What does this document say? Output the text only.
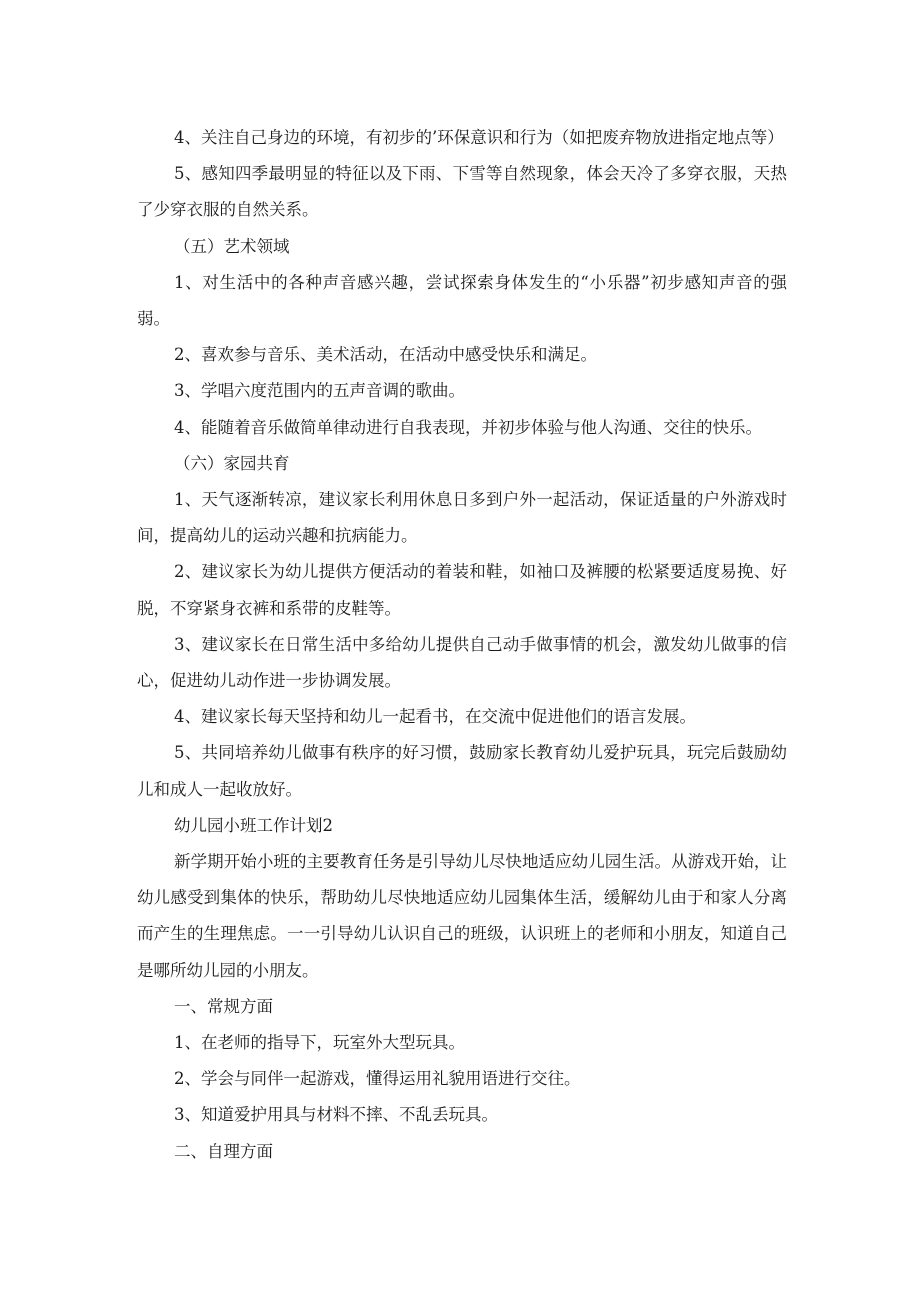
4、关注自己身边的环境，有初步的’环保意识和行为（如把废弃物放进指定地点等）

5、感知四季最明显的特征以及下雨、下雪等自然现象，体会天冷了多穿衣服，天热了少穿衣服的自然关系。

（五）艺术领域

1、对生活中的各种声音感兴趣，尝试探索身体发生的“小乐器”初步感知声音的强弱。

2、喜欢参与音乐、美术活动，在活动中感受快乐和满足。

3、学唱六度范围内的五声音调的歌曲。

4、能随着音乐做简单律动进行自我表现，并初步体验与他人沟通、交往的快乐。

（六）家园共育

1、天气逐渐转凉，建议家长利用休息日多到户外一起活动，保证适量的户外游戏时间，提高幼儿的运动兴趣和抗病能力。

2、建议家长为幼儿提供方便活动的着装和鞋，如袖口及裤腰的松紧要适度易挽、好脱，不穿紧身衣裤和系带的皮鞋等。

3、建议家长在日常生活中多给幼儿提供自己动手做事情的机会，激发幼儿做事的信心，促进幼儿动作进一步协调发展。

4、建议家长每天坚持和幼儿一起看书，在交流中促进他们的语言发展。

5、共同培养幼儿做事有秩序的好习惯，鼓励家长教育幼儿爱护玩具，玩完后鼓励幼儿和成人一起收放好。

幼儿园小班工作计划2

新学期开始小班的主要教育任务是引导幼儿尽快地适应幼儿园生活。从游戏开始，让幼儿感受到集体的快乐，帮助幼儿尽快地适应幼儿园集体生活，缓解幼儿由于和家人分离而产生的生理焦虑。一一引导幼儿认识自己的班级，认识班上的老师和小朋友，知道自己是哪所幼儿园的小朋友。

一、常规方面

1、在老师的指导下，玩室外大型玩具。

2、学会与同伴一起游戏，懂得运用礼貌用语进行交往。

3、知道爱护用具与材料不摔、不乱丢玩具。

二、自理方面
